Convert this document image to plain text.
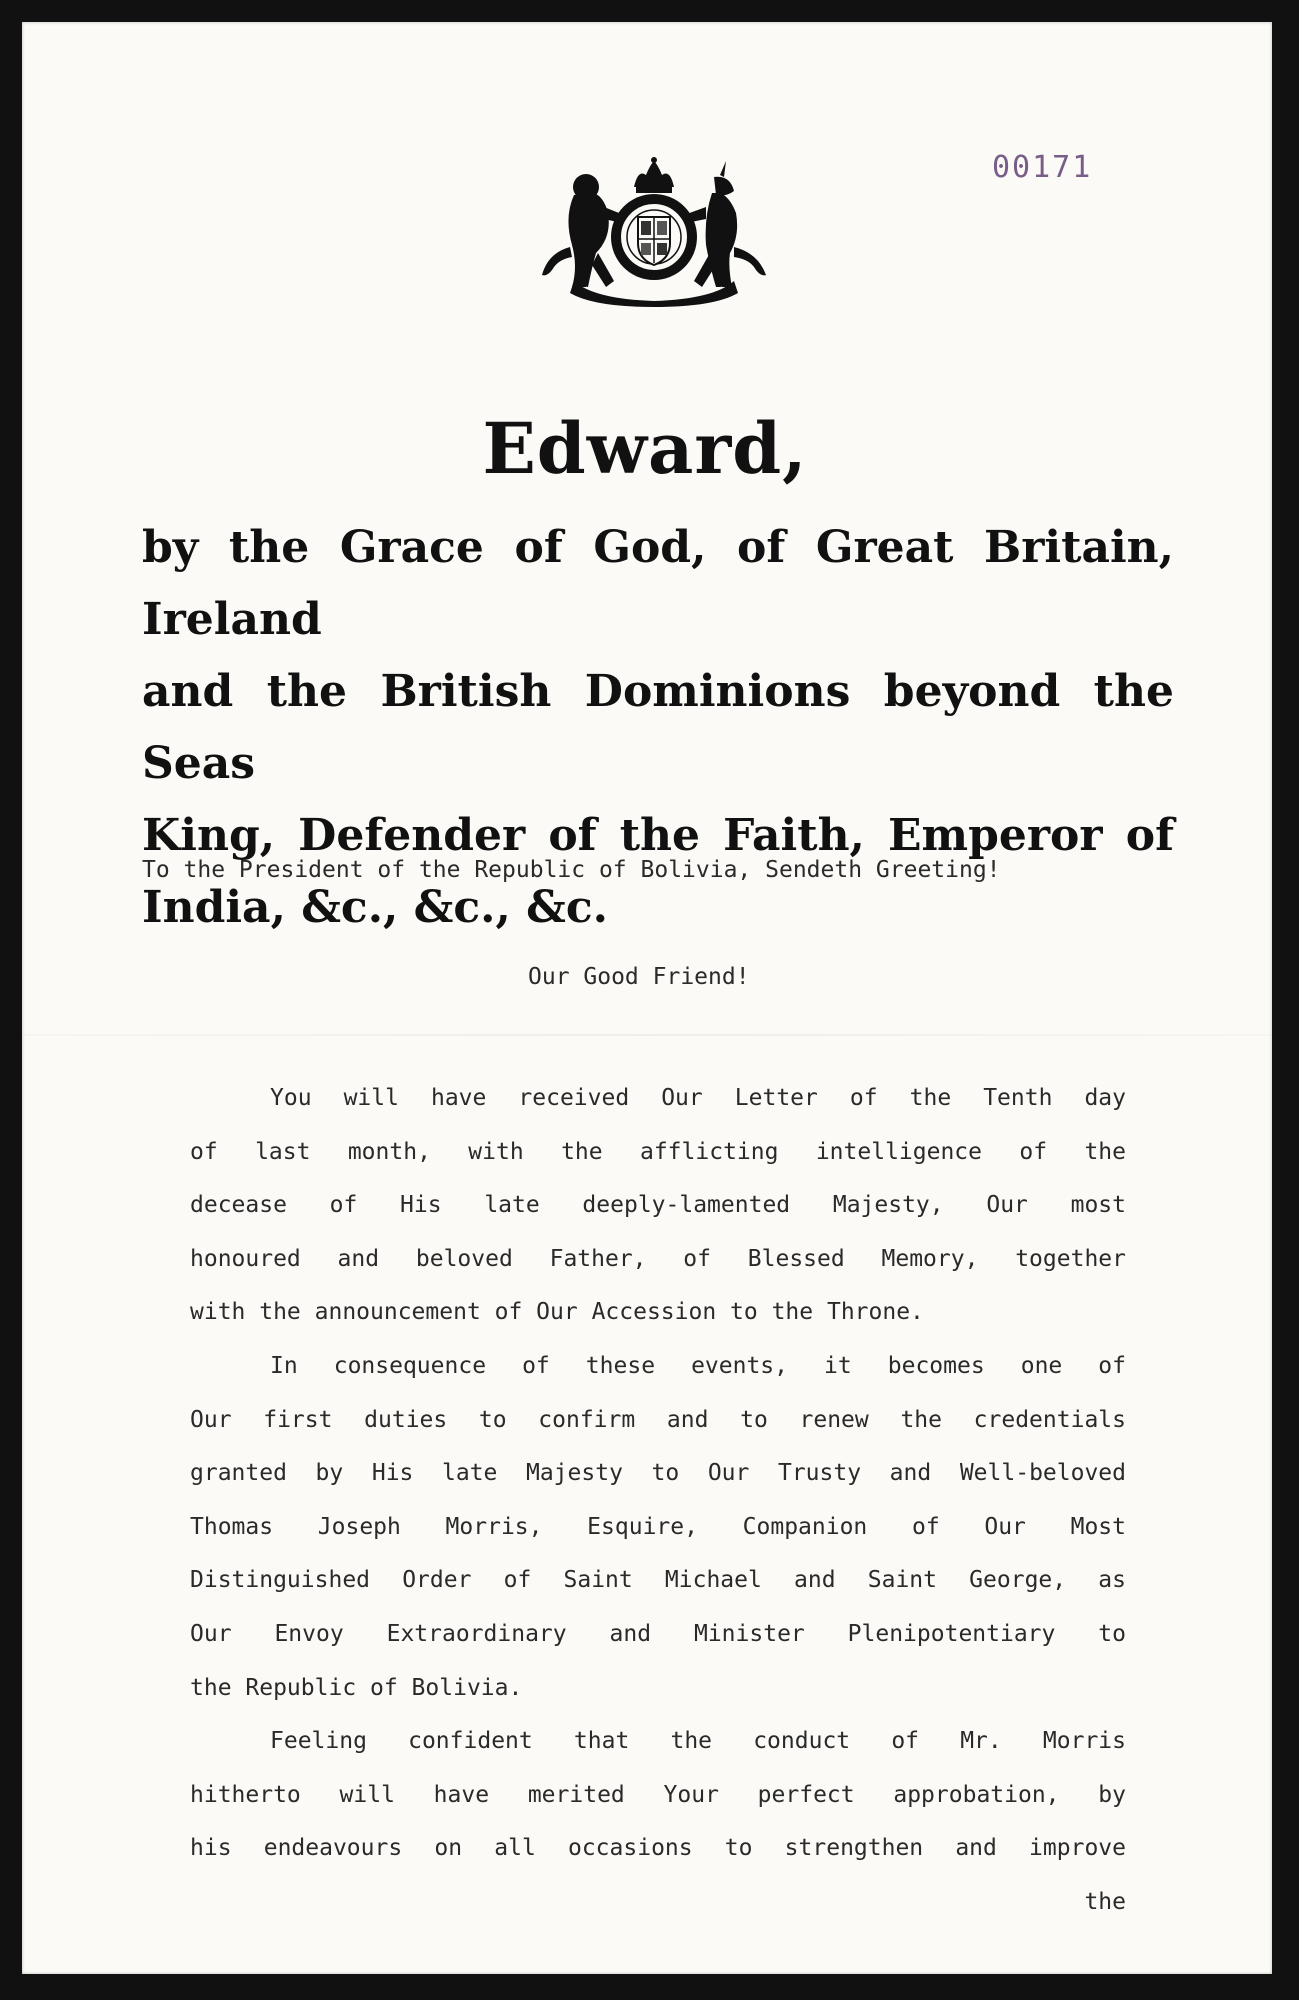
00171
Edward,
by the Grace of God, of Great Britain, Ireland
and the British Dominions beyond the Seas
King, Defender of the Faith, Emperor of
India, &c., &c., &c.
To the President of the Republic of Bolivia, Sendeth Greeting!
Our Good Friend!
You will have received Our Letter of the Tenth day
of last month, with the afflicting intelligence of the
decease of His late deeply-lamented Majesty, Our most
honoured and beloved Father, of Blessed Memory, together
with the announcement of Our Accession to the Throne.
In consequence of these events, it becomes one of
Our first duties to confirm and to renew the credentials
granted by His late Majesty to Our Trusty and Well-beloved
Thomas Joseph Morris, Esquire, Companion of Our Most
Distinguished Order of Saint Michael and Saint George, as
Our Envoy Extraordinary and Minister Plenipotentiary to
the Republic of Bolivia.
Feeling confident that the conduct of Mr. Morris
hitherto will have merited Your perfect approbation, by
his endeavours on all occasions to strengthen and improve
the
